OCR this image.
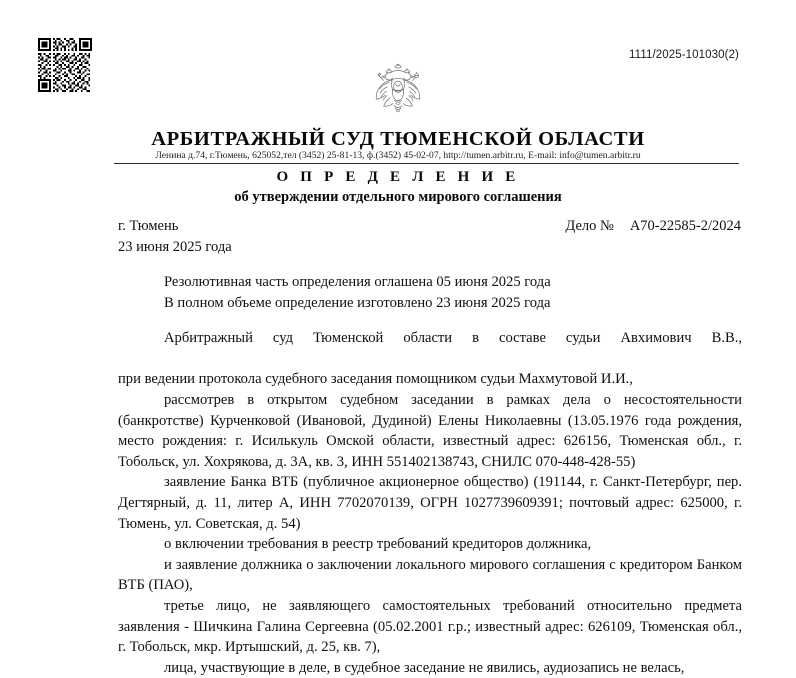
1111/2025-101030(2)
АРБИТРАЖНЫЙ СУД ТЮМЕНСКОЙ ОБЛАСТИ
Ленина д.74, г.Тюмень, 625052,тел (3452) 25-81-13, ф.(3452) 45-02-07, http://tumen.arbitr.ru, E-mail: info@tumen.arbitr.ru
О П Р Е Д Е Л Е Н И Е
об утверждении отдельного мирового соглашения
г. Тюмень	Дело № А70-22585-2/2024
23 июня 2025 года

Резолютивная часть определения оглашена 05 июня 2025 года

В полном объеме определение изготовлено 23 июня 2025 года

Арбитражный суд Тюменской области в составе судьи Авхимович В.В.,

при ведении протокола судебного заседания помощником судьи Махмутовой И.И.,

рассмотрев в открытом судебном заседании в рамках дела о несостоятельности (банкротстве) Курченковой (Ивановой, Дудиной) Елены Николаевны (13.05.1976 года рождения, место рождения: г. Исилькуль Омской области, известный адрес: 626156, Тюменская обл., г. Тобольск, ул. Хохрякова, д. 3А, кв. 3, ИНН 551402138743, СНИЛС 070-448-428-55)

заявление Банка ВТБ (публичное акционерное общество) (191144, г. Санкт-Петербург, пер. Дегтярный, д. 11, литер А, ИНН 7702070139, ОГРН 1027739609391; почтовый адрес: 625000, г. Тюмень, ул. Советская, д. 54)

о включении требования в реестр требований кредиторов должника,

и заявление должника о заключении локального мирового соглашения с кредитором Банком ВТБ (ПАО),

третье лицо, не заявляющего самостоятельных требований относительно предмета заявления - Шичкина Галина Сергеевна (05.02.2001 г.р.; известный адрес: 626109, Тюменская обл., г. Тобольск, мкр. Иртышский, д. 25, кв. 7),

лица, участвующие в деле, в судебное заседание не явились, аудиозапись не велась,
